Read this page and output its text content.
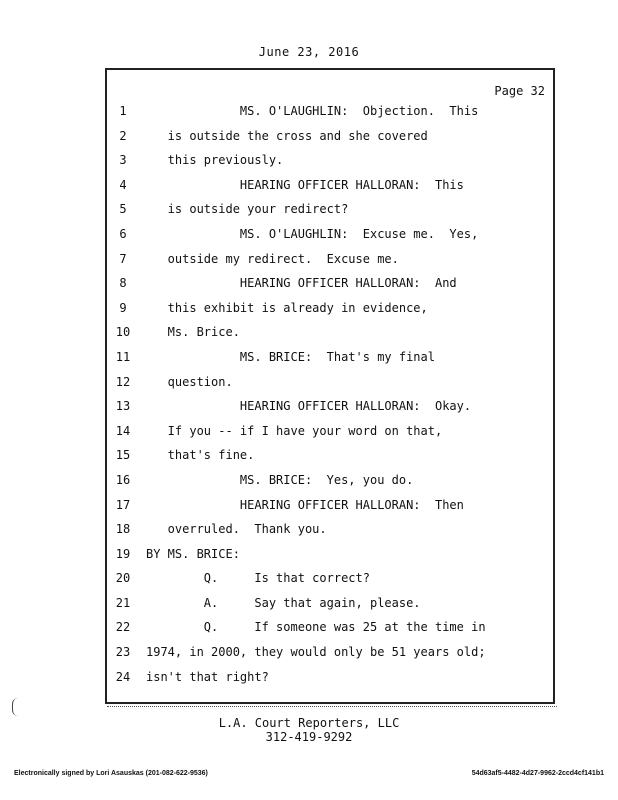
June 23, 2016
Page 32
1
2
3
4
5
6
7
8
9
10
11
12
13
14
15
16
17
18
19
20
21
22
23
24
MS. O'LAUGHLIN:  Objection.  This
is outside the cross and she covered
this previously.
HEARING OFFICER HALLORAN:  This
is outside your redirect?
MS. O'LAUGHLIN:  Excuse me.  Yes,
outside my redirect.  Excuse me.
HEARING OFFICER HALLORAN:  And
this exhibit is already in evidence,
Ms. Brice.
MS. BRICE:  That's my final
question.
HEARING OFFICER HALLORAN:  Okay.
If you -- if I have your word on that,
that's fine.
MS. BRICE:  Yes, you do.
HEARING OFFICER HALLORAN:  Then
overruled.  Thank you.
BY MS. BRICE:
Q.     Is that correct?
A.     Say that again, please.
Q.     If someone was 25 at the time in
1974, in 2000, they would only be 51 years old;
isn't that right?
L.A. Court Reporters, LLC
312-419-9292
Electronically signed by Lori Asauskas (201-082-622-9536)	54d63af5-4482-4d27-9962-2ccd4cf141b1
